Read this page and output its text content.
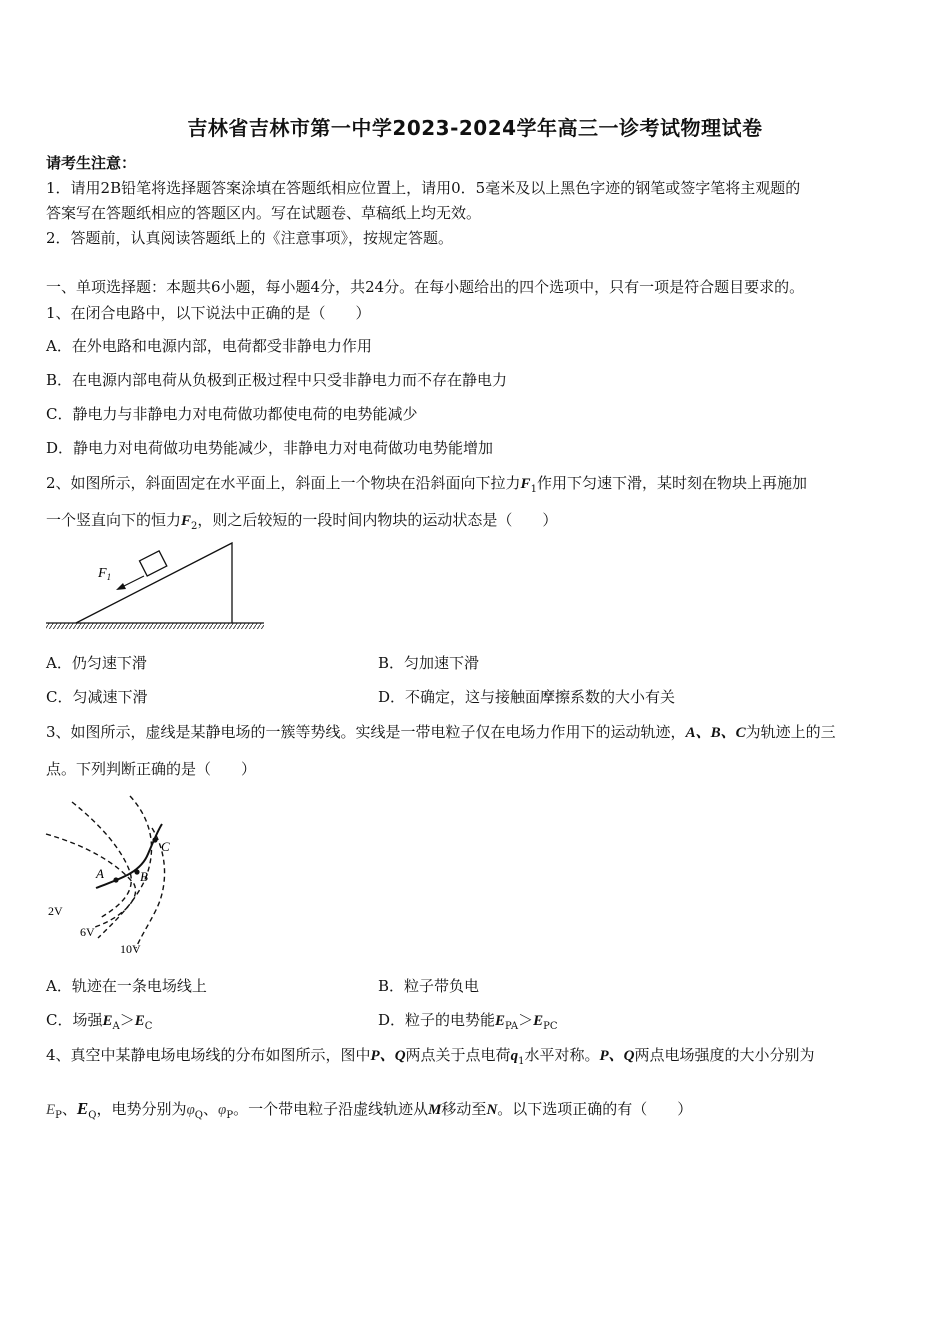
吉林省吉林市第一中学2023-2024学年高三一诊考试物理试卷
请考生注意：
1．请用2B铅笔将选择题答案涂填在答题纸相应位置上，请用0．5毫米及以上黑色字迹的钢笔或签字笔将主观题的
答案写在答题纸相应的答题区内。写在试题卷、草稿纸上均无效。
2．答题前，认真阅读答题纸上的《注意事项》，按规定答题。
一、单项选择题：本题共6小题，每小题4分，共24分。在每小题给出的四个选项中，只有一项是符合题目要求的。
1、在闭合电路中，以下说法中正确的是（　　）
A．在外电路和电源内部，电荷都受非静电力作用
B．在电源内部电荷从负极到正极过程中只受非静电力而不存在静电力
C．静电力与非静电力对电荷做功都使电荷的电势能减少
D．静电力对电荷做功电势能减少，非静电力对电荷做功电势能增加
2、如图所示，斜面固定在水平面上，斜面上一个物块在沿斜面向下拉力$F_1$作用下匀速下滑，某时刻在物块上再施加
一个竖直向下的恒力$F_2$，则之后较短的一段时间内物块的运动状态是（　　）
$F_1$
A．仍匀速下滑	B．匀加速下滑
C．匀减速下滑	D．不确定，这与接触面摩擦系数的大小有关
3、如图所示，虚线是某静电场的一簇等势线。实线是一带电粒子仅在电场力作用下的运动轨迹，A、B、C为轨迹上的三
点。下列判断正确的是（　　）
A	B
C
2V
6V
10V
A．轨迹在一条电场线上	B．粒子带负电
C．场强$E_A>E_C$	D．粒子的电势能$E_{PA}>E_{PC}$
4、真空中某静电场电场线的分布如图所示，图中P、Q两点关于点电荷$q_1$水平对称。P、Q两点电场强度的大小分别为
$E_P$、$E_Q$，电势分别为$\varphi_Q$、$\varphi_P$。一个带电粒子沿虚线轨迹从M移动至N。以下选项正确的有（　　）
